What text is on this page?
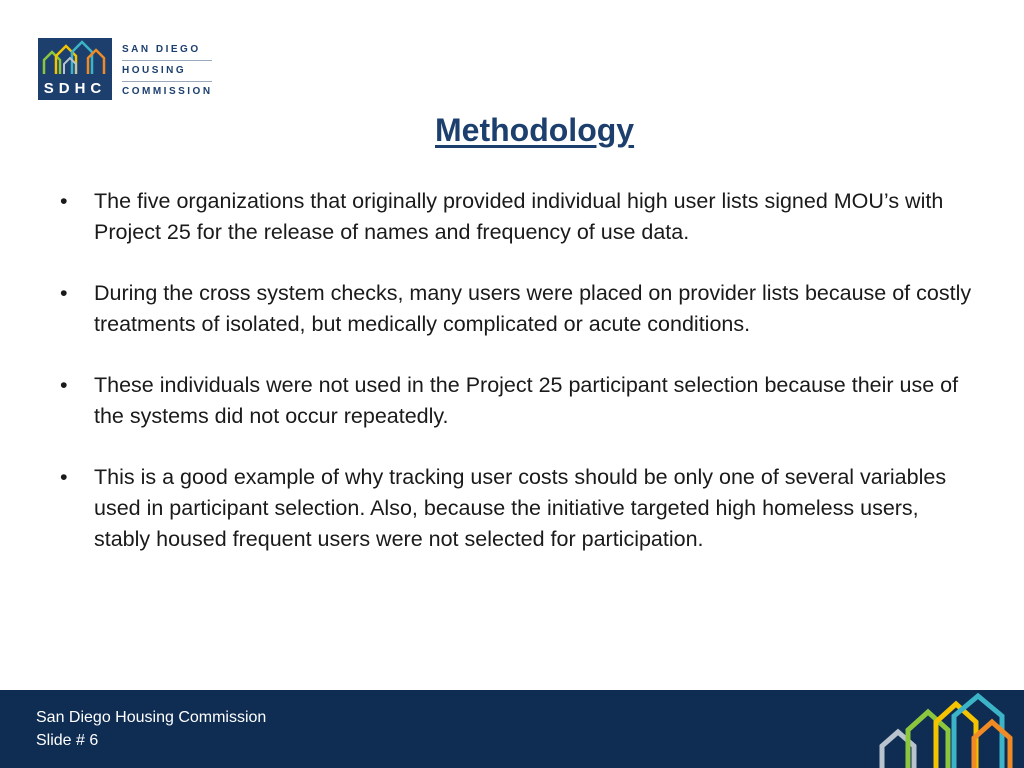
SDHC
SAN DIEGO
HOUSING
COMMISSION
Methodology
• The five organizations that originally provided individual high user lists signed MOU’s with Project 25 for the release of names and frequency of use data.
• During the cross system checks, many users were placed on provider lists because of costly treatments of isolated, but medically complicated or acute conditions.
• These individuals were not used in the Project 25 participant selection because their use of the systems did not occur repeatedly.
• This is a good example of why tracking user costs should be only one of several variables used in participant selection. Also, because the initiative targeted high homeless users, stably housed frequent users were not selected for participation.
San Diego Housing Commission
Slide # 6
